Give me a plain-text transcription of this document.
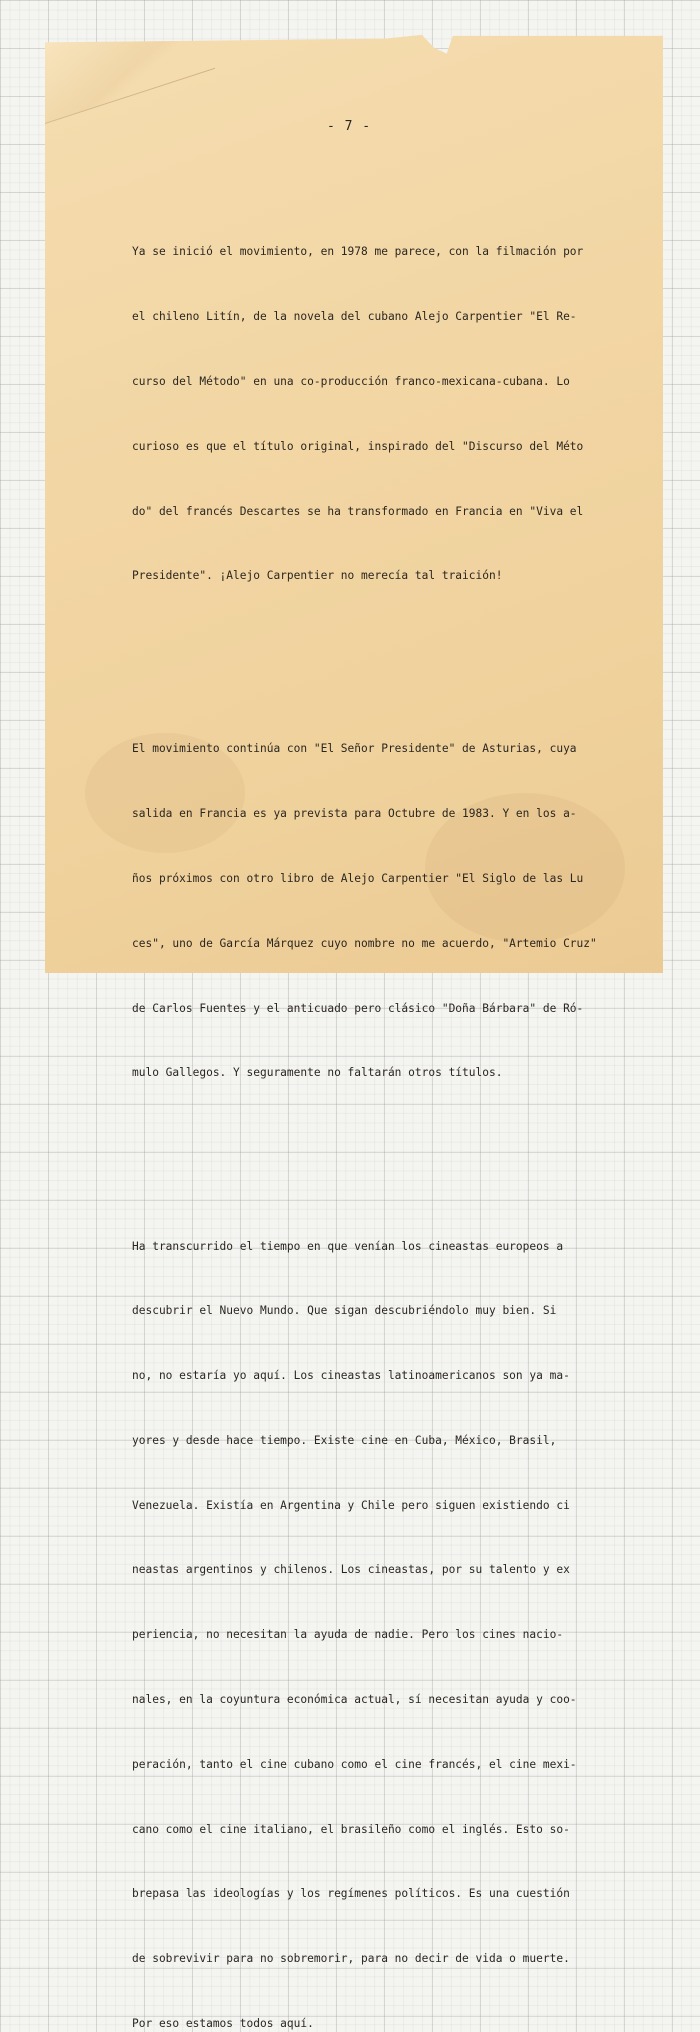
- 7 -

Ya se inició el movimiento, en 1978 me parece, con la filmación por

el chileno Litín, de la novela del cubano Alejo Carpentier "El Re-

curso del Método" en una co-producción franco-mexicana-cubana. Lo

curioso es que el título original, inspirado del "Discurso del Méto

do" del francés Descartes se ha transformado en Francia en "Viva el

Presidente". ¡Alejo Carpentier no merecía tal traición!

El movimiento continúa con "El Señor Presidente" de Asturias, cuya

salida en Francia es ya prevista para Octubre de 1983. Y en los a-

ños próximos con otro libro de Alejo Carpentier "El Siglo de las Lu

ces", uno de García Márquez cuyo nombre no me acuerdo, "Artemio Cruz"

de Carlos Fuentes y el anticuado pero clásico "Doña Bárbara" de Ró-

mulo Gallegos. Y seguramente no faltarán otros títulos.

Ha transcurrido el tiempo en que venían los cineastas europeos a

descubrir el Nuevo Mundo. Que sigan descubriéndolo muy bien. Si

no, no estaría yo aquí. Los cineastas latinoamericanos son ya ma-

yores y desde hace tiempo. Existe cine en Cuba, México, Brasil,

Venezuela. Existía en Argentina y Chile pero siguen existiendo ci

neastas argentinos y chilenos. Los cineastas, por su talento y ex

periencia, no necesitan la ayuda de nadie. Pero los cines nacio-

nales, en la coyuntura económica actual, sí necesitan ayuda y coo-

peración, tanto el cine cubano como el cine francés, el cine mexi-

cano como el cine italiano, el brasileño como el inglés. Esto so-

brepasa las ideologías y los regímenes políticos. Es una cuestión

de sobrevivir para no sobremorir, para no decir de vida o muerte.

Por eso estamos todos aquí.
